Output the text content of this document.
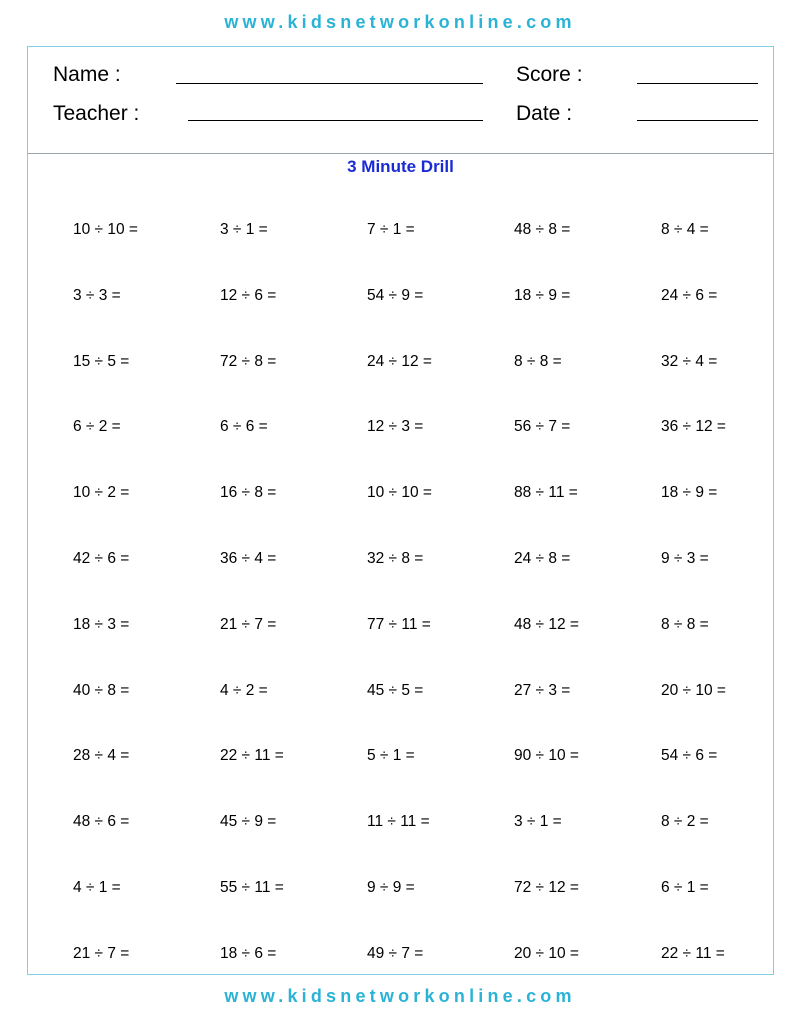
www.kidsnetworkonline.com
Name :
Teacher :
Score :
Date :
3 Minute Drill
10 ÷ 10 =	3 ÷ 1 =	7 ÷ 1 =	48 ÷ 8 =	8 ÷ 4 =
3 ÷ 3 =	12 ÷ 6 =	54 ÷ 9 =	18 ÷ 9 =	24 ÷ 6 =
15 ÷ 5 =	72 ÷ 8 =	24 ÷ 12 =	8 ÷ 8 =	32 ÷ 4 =
6 ÷ 2 =	6 ÷ 6 =	12 ÷ 3 =	56 ÷ 7 =	36 ÷ 12 =
10 ÷ 2 =	16 ÷ 8 =	10 ÷ 10 =	88 ÷ 11 =	18 ÷ 9 =
42 ÷ 6 =	36 ÷ 4 =	32 ÷ 8 =	24 ÷ 8 =	9 ÷ 3 =
18 ÷ 3 =	21 ÷ 7 =	77 ÷ 11 =	48 ÷ 12 =	8 ÷ 8 =
40 ÷ 8 =	4 ÷ 2 =	45 ÷ 5 =	27 ÷ 3 =	20 ÷ 10 =
28 ÷ 4 =	22 ÷ 11 =	5 ÷ 1 =	90 ÷ 10 =	54 ÷ 6 =
48 ÷ 6 =	45 ÷ 9 =	11 ÷ 11 =	3 ÷ 1 =	8 ÷ 2 =
4 ÷ 1 =	55 ÷ 11 =	9 ÷ 9 =	72 ÷ 12 =	6 ÷ 1 =
21 ÷ 7 =	18 ÷ 6 =	49 ÷ 7 =	20 ÷ 10 =	22 ÷ 11 =
www.kidsnetworkonline.com
